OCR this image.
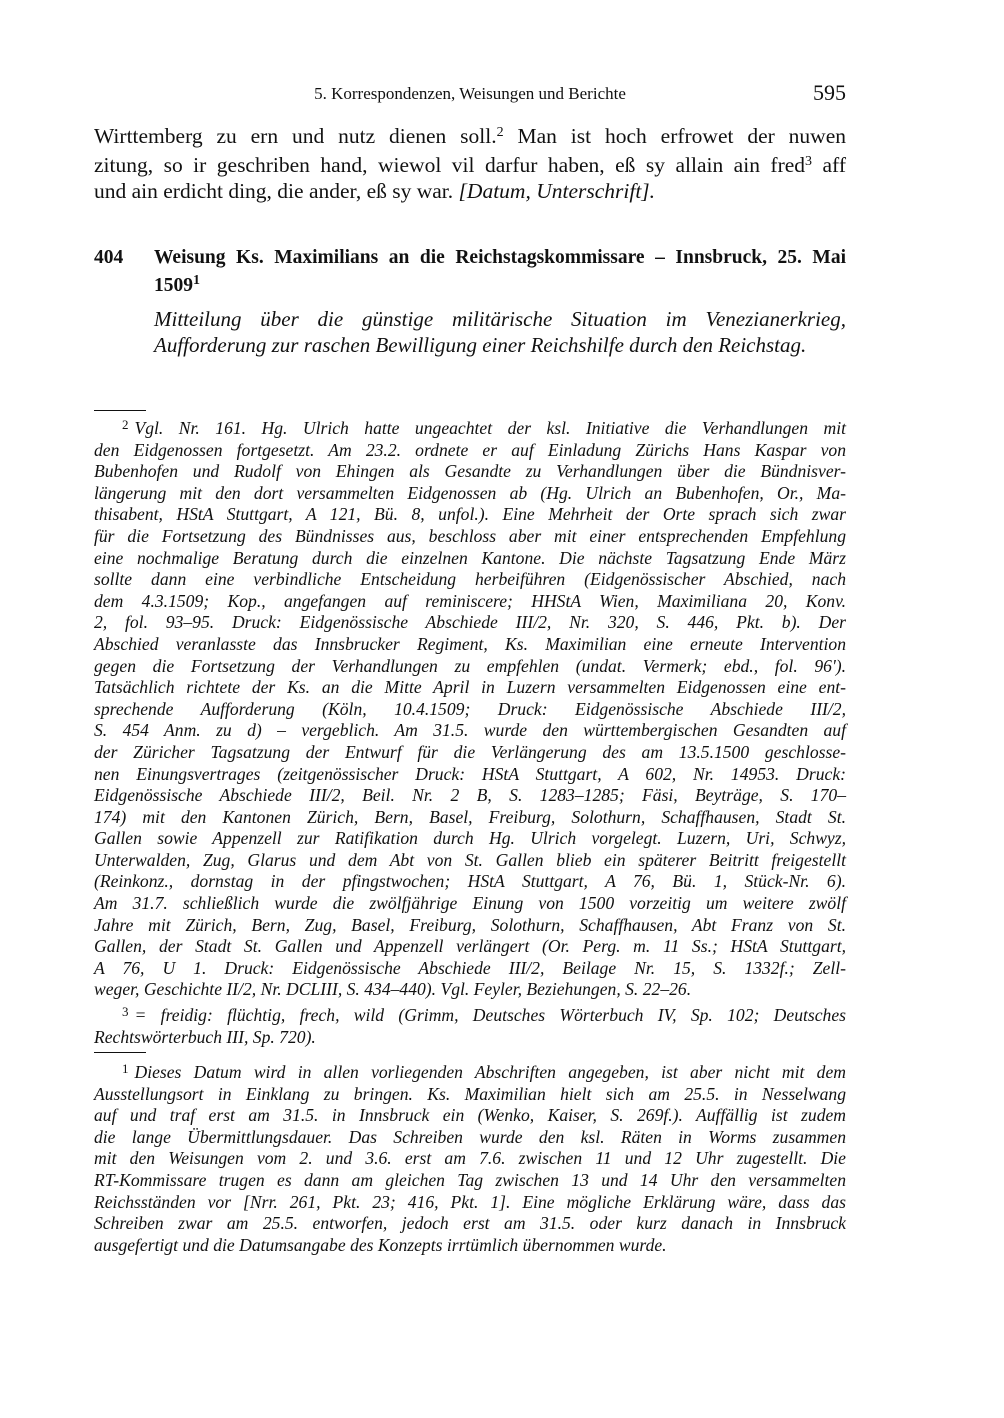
5. Korrespondenzen, Weisungen und Berichte	595
Wirttemberg zu ern und nutz dienen soll.$^2$ Man ist hoch erfrowet der nuwen
zitung, so ir geschriben hand, wiewol vil darfur haben, eß sy allain ain fred$^3$ aff
und ain erdicht ding, die ander, eß sy war. [Datum, Unterschrift].
404 Weisung Ks. Maximilians an die Reichstagskommissare – Innsbruck, 25. Mai
1509$^1$
Mitteilung über die günstige militärische Situation im Venezianerkrieg,
Aufforderung zur raschen Bewilligung einer Reichshilfe durch den Reichstag.
$^2$ Vgl. Nr. 161. Hg. Ulrich hatte ungeachtet der ksl. Initiative die Verhandlungen mit
den Eidgenossen fortgesetzt. Am 23.2. ordnete er auf Einladung Zürichs Hans Kaspar von
Bubenhofen und Rudolf von Ehingen als Gesandte zu Verhandlungen über die Bündnisver-
längerung mit den dort versammelten Eidgenossen ab (Hg. Ulrich an Bubenhofen, Or., Ma-
thisabent, HStA Stuttgart, A 121, Bü. 8, unfol.). Eine Mehrheit der Orte sprach sich zwar
für die Fortsetzung des Bündnisses aus, beschloss aber mit einer entsprechenden Empfehlung
eine nochmalige Beratung durch die einzelnen Kantone. Die nächste Tagsatzung Ende März
sollte dann eine verbindliche Entscheidung herbeiführen (Eidgenössischer Abschied, nach
dem 4.3.1509; Kop., angefangen auf reminiscere; HHStA Wien, Maximiliana 20, Konv.
2, fol. 93–95. Druck: Eidgenössische Abschiede III/2, Nr. 320, S. 446, Pkt. b). Der
Abschied veranlasste das Innsbrucker Regiment, Ks. Maximilian eine erneute Intervention
gegen die Fortsetzung der Verhandlungen zu empfehlen (undat. Vermerk; ebd., fol. 96').
Tatsächlich richtete der Ks. an die Mitte April in Luzern versammelten Eidgenossen eine ent-
sprechende Aufforderung (Köln, 10.4.1509; Druck: Eidgenössische Abschiede III/2,
S. 454 Anm. zu d) – vergeblich. Am 31.5. wurde den württembergischen Gesandten auf
der Züricher Tagsatzung der Entwurf für die Verlängerung des am 13.5.1500 geschlosse-
nen Einungsvertrages (zeitgenössischer Druck: HStA Stuttgart, A 602, Nr. 14953. Druck:
Eidgenössische Abschiede III/2, Beil. Nr. 2 B, S. 1283–1285; Fäsi, Beyträge, S. 170–
174) mit den Kantonen Zürich, Bern, Basel, Freiburg, Solothurn, Schaffhausen, Stadt St.
Gallen sowie Appenzell zur Ratifikation durch Hg. Ulrich vorgelegt. Luzern, Uri, Schwyz,
Unterwalden, Zug, Glarus und dem Abt von St. Gallen blieb ein späterer Beitritt freigestellt
(Reinkonz., dornstag in der pfingstwochen; HStA Stuttgart, A 76, Bü. 1, Stück-Nr. 6).
Am 31.7. schließlich wurde die zwölfjährige Einung von 1500 vorzeitig um weitere zwölf
Jahre mit Zürich, Bern, Zug, Basel, Freiburg, Solothurn, Schaffhausen, Abt Franz von St.
Gallen, der Stadt St. Gallen und Appenzell verlängert (Or. Perg. m. 11 Ss.; HStA Stuttgart,
A 76, U 1. Druck: Eidgenössische Abschiede III/2, Beilage Nr. 15, S. 1332f.; Zell-
weger, Geschichte II/2, Nr. DCLIII, S. 434–440). Vgl. Feyler, Beziehungen, S. 22–26.
$^3$ = freidig: flüchtig, frech, wild (Grimm, Deutsches Wörterbuch IV, Sp. 102; Deutsches
Rechtswörterbuch III, Sp. 720).
$^1$ Dieses Datum wird in allen vorliegenden Abschriften angegeben, ist aber nicht mit dem
Ausstellungsort in Einklang zu bringen. Ks. Maximilian hielt sich am 25.5. in Nesselwang
auf und traf erst am 31.5. in Innsbruck ein (Wenko, Kaiser, S. 269f.). Auffällig ist zudem
die lange Übermittlungsdauer. Das Schreiben wurde den ksl. Räten in Worms zusammen
mit den Weisungen vom 2. und 3.6. erst am 7.6. zwischen 11 und 12 Uhr zugestellt. Die
RT-Kommissare trugen es dann am gleichen Tag zwischen 13 und 14 Uhr den versammelten
Reichsständen vor [Nrr. 261, Pkt. 23; 416, Pkt. 1]. Eine mögliche Erklärung wäre, dass das
Schreiben zwar am 25.5. entworfen, jedoch erst am 31.5. oder kurz danach in Innsbruck
ausgefertigt und die Datumsangabe des Konzepts irrtümlich übernommen wurde.
